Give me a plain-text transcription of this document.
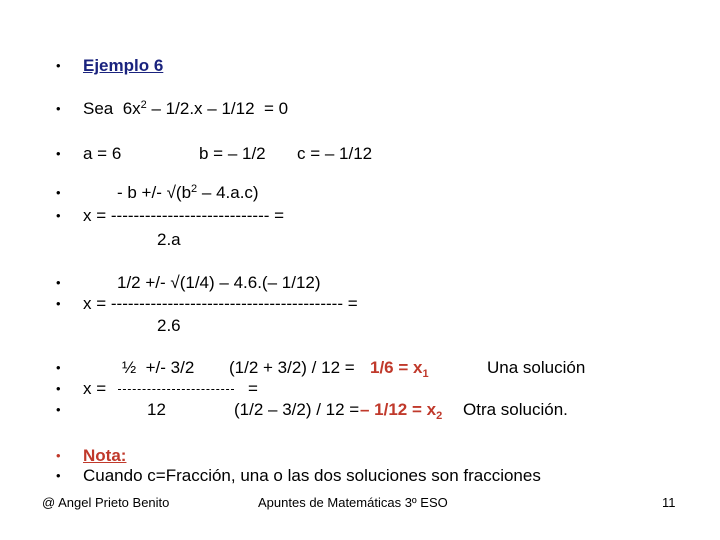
•
•
•
•
•
•
•
•
•
•
•
•
Ejemplo 6
Sea  $6x^2 - 1/2.x - 1/12 = 0$
a = 6	b = – 1/2 c = – 1/12
- b +/- $√(b^2 - 4.a.c)$
x = ---------------------------- =
2.a
1/2 +/- √(1/4) – 4.6.(– 1/12)
x = ----------------------------------------- =
2.6
½  +/- 3/2 $(1/2 + 3/2) / 12 = 1/6 = x_1$	Una solución
x =	=
12	(1/2 – 3/2) / 12 = – $1/12 = x_2$ Otra solución.
Nota:
Cuando c=Fracción, una o las dos soluciones son fracciones
@ Angel Prieto Benito	Apuntes de Matemáticas 3º ESO	11
